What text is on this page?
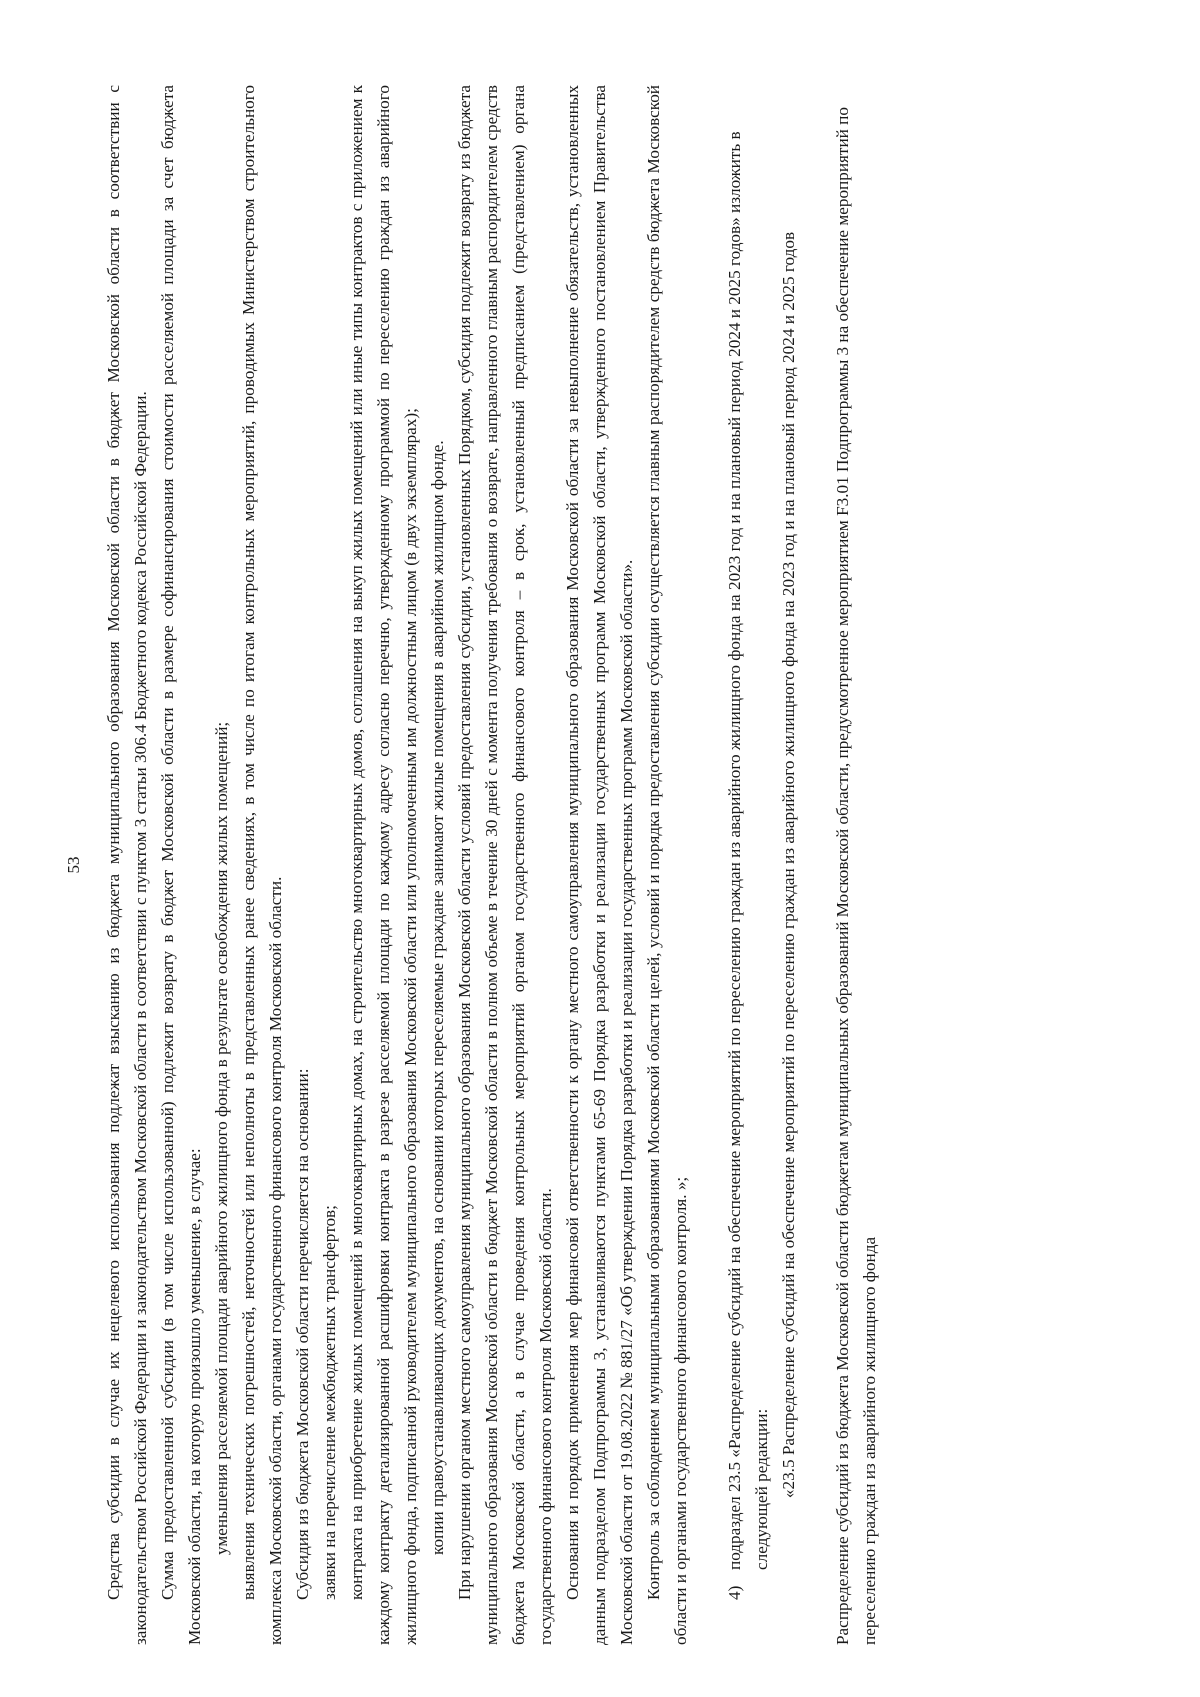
53 Средства субсидии в случае их нецелевого использования подлежат взысканию из бюджета муниципального образования Московской области в бюджет Московской области в соответствии с законодательством Российской Федерации и законодательством Московской области в соответствии с пунктом 3 статьи 306.4 Бюджетного кодекса Российской Федерации. Сумма предоставленной субсидии (в том числе использованной) подлежит возврату в бюджет Московской области в размере софинансирования стоимости расселяемой площади за счет бюджета Московской области, на которую произошло уменьшение, в случае: уменьшения расселяемой площади аварийного жилищного фонда в результате освобождения жилых помещений; выявления технических погрешностей, неточностей или неполноты в представленных ранее сведениях, в том числе по итогам контрольных мероприятий, проводимых Министерством строительного комплекса Московской области, органами государственного финансового контроля Московской области. Субсидия из бюджета Московской области перечисляется на основании: заявки на перечисление межбюджетных трансфертов; контракта на приобретение жилых помещений в многоквартирных домах, на строительство многоквартирных домов, соглашения на выкуп жилых помещений или иные типы контрактов с приложением к каждому контракту детализированной расшифровки контракта в разрезе расселяемой площади по каждому адресу согласно перечню, утвержденному программой по переселению граждан из аварийного жилищного фонда, подписанной руководителем муниципального образования Московской области или уполномоченным им должностным лицом (в двух экземплярах); копии правоустанавливающих документов, на основании которых переселяемые граждане занимают жилые помещения в аварийном жилищном фонде. При нарушении органом местного самоуправления муниципального образования Московской области условий предоставления субсидии, установленных Порядком, субсидия подлежит возврату из бюджета муниципального образования Московской области в бюджет Московской области в полном объеме в течение 30 дней с момента получения требования о возврате, направленного главным распорядителем средств бюджета Московской области, а в случае проведения контрольных мероприятий органом государственного финансового контроля – в срок, установленный предписанием (представлением) органа государственного финансового контроля Московской области. Основания и порядок применения мер финансовой ответственности к органу местного самоуправления муниципального образования Московской области за невыполнение обязательств, установленных данным подразделом Подпрограммы 3, устанавливаются пунктами 65-69 Порядка разработки и реализации государственных программ Московской области, утвержденного постановлением Правительства Московской области от 19.08.2022 № 881/27 «Об утверждении Порядка разработки и реализации государственных программ Московской области». Контроль за соблюдением муниципальными образованиями Московской области целей, условий и порядка предоставления субсидии осуществляется главным распорядителем средств бюджета Московской области и органами государственного финансового контроля. »; 4)
подраздел 23.5 «Распределение субсидий на обеспечение мероприятий по переселению граждан из аварийного жилищного фонда на 2023 год и на плановый период 2024 и 2025 годов» изложить в следующей редакции: «23.5 Распределение субсидий на обеспечение мероприятий по переселению граждан из аварийного жилищного фонда на 2023 год и на плановый период 2024 и 2025 годов Распределение субсидий из бюджета Московской области бюджетам муниципальных образований Московской области, предусмотренное мероприятием F3.01 Подпрограммы 3 на обеспечение мероприятий по переселению граждан из аварийного жилищного фонда
